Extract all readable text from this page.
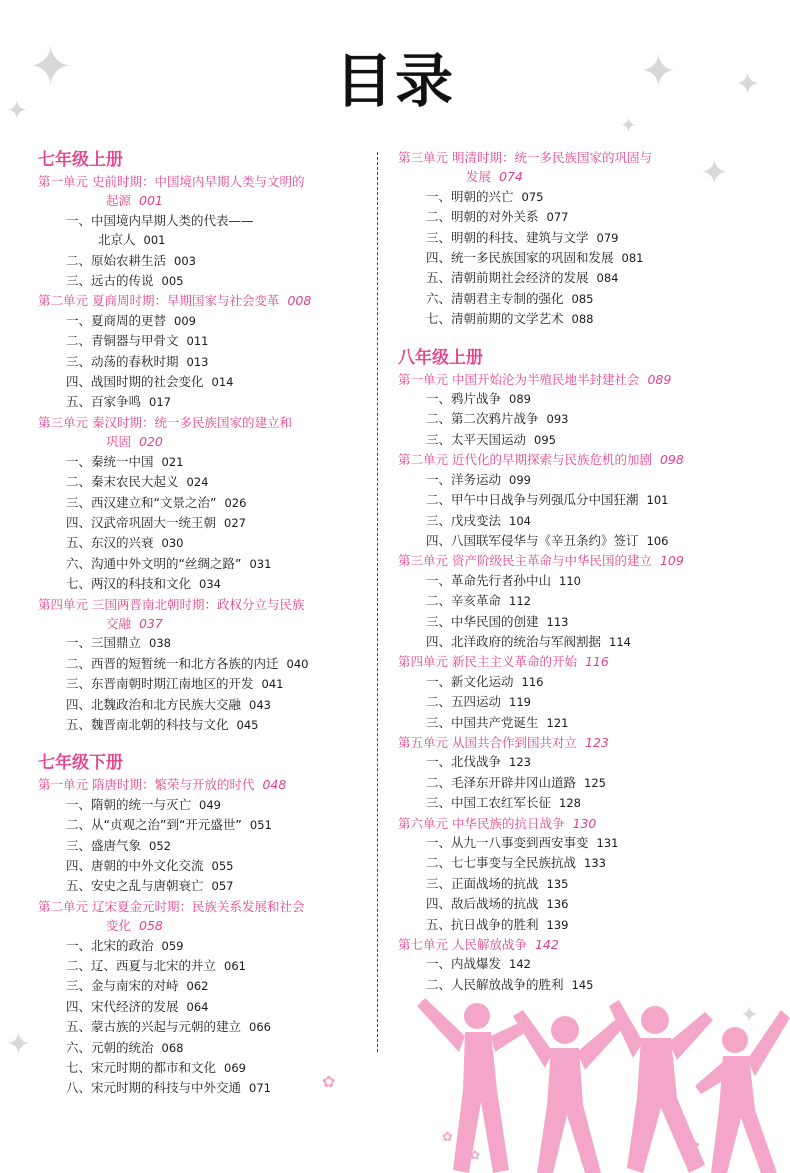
目录
✦
✦
✦ ✦
✦
✦
✦
✦
七年级上册
第一单元 史前时期：中国境内早期人类与文明的
起源 001
一、中国境内早期人类的代表——
北京人 001
二、原始农耕生活 003
三、远古的传说 005
第二单元 夏商周时期：早期国家与社会变革 008
一、夏商周的更替 009
二、青铜器与甲骨文 011
三、动荡的春秋时期 013
四、战国时期的社会变化 014
五、百家争鸣 017
第三单元 秦汉时期：统一多民族国家的建立和
巩固 020
一、秦统一中国 021
二、秦末农民大起义 024
三、西汉建立和“文景之治” 026
四、汉武帝巩固大一统王朝 027
五、东汉的兴衰 030
六、沟通中外文明的“丝绸之路” 031
七、两汉的科技和文化 034
第四单元 三国两晋南北朝时期：政权分立与民族
交融 037
一、三国鼎立 038
二、西晋的短暂统一和北方各族的内迁 040
三、东晋南朝时期江南地区的开发 041
四、北魏政治和北方民族大交融 043
五、魏晋南北朝的科技与文化 045
七年级下册
第一单元 隋唐时期：繁荣与开放的时代 048
一、隋朝的统一与灭亡 049
二、从“贞观之治”到“开元盛世” 051
三、盛唐气象 052
四、唐朝的中外文化交流 055
五、安史之乱与唐朝衰亡 057
第二单元 辽宋夏金元时期：民族关系发展和社会
变化 058
一、北宋的政治 059
二、辽、西夏与北宋的并立 061
三、金与南宋的对峙 062
四、宋代经济的发展 064
五、蒙古族的兴起与元朝的建立 066
六、元朝的统治 068
七、宋元时期的都市和文化 069
八、宋元时期的科技与中外交通 071
第三单元 明清时期：统一多民族国家的巩固与
发展 074
一、明朝的兴亡 075
二、明朝的对外关系 077
三、明朝的科技、建筑与文学 079
四、统一多民族国家的巩固和发展 081
五、清朝前期社会经济的发展 084
六、清朝君主专制的强化 085
七、清朝前期的文学艺术 088
八年级上册
第一单元 中国开始沦为半殖民地半封建社会 089
一、鸦片战争 089
二、第二次鸦片战争 093
三、太平天国运动 095
第二单元 近代化的早期探索与民族危机的加剧 098
一、洋务运动 099
二、甲午中日战争与列强瓜分中国狂潮 101
三、戊戌变法 104
四、八国联军侵华与《辛丑条约》签订 106
第三单元 资产阶级民主革命与中华民国的建立 109
一、革命先行者孙中山 110
二、辛亥革命 112
三、中华民国的创建 113
四、北洋政府的统治与军阀割据 114
第四单元 新民主主义革命的开始 116
一、新文化运动 116
二、五四运动 119
三、中国共产党诞生 121
第五单元 从国共合作到国共对立 123
一、北伐战争 123
二、毛泽东开辟井冈山道路 125
三、中国工农红军长征 128
第六单元 中华民族的抗日战争 130
一、从九一八事变到西安事变 131
二、七七事变与全民族抗战 133
三、正面战场的抗战 135
四、敌后战场的抗战 136
五、抗日战争的胜利 139
第七单元 人民解放战争 142
一、内战爆发 142
二、人民解放战争的胜利 145
✿
✿
✿
✿
